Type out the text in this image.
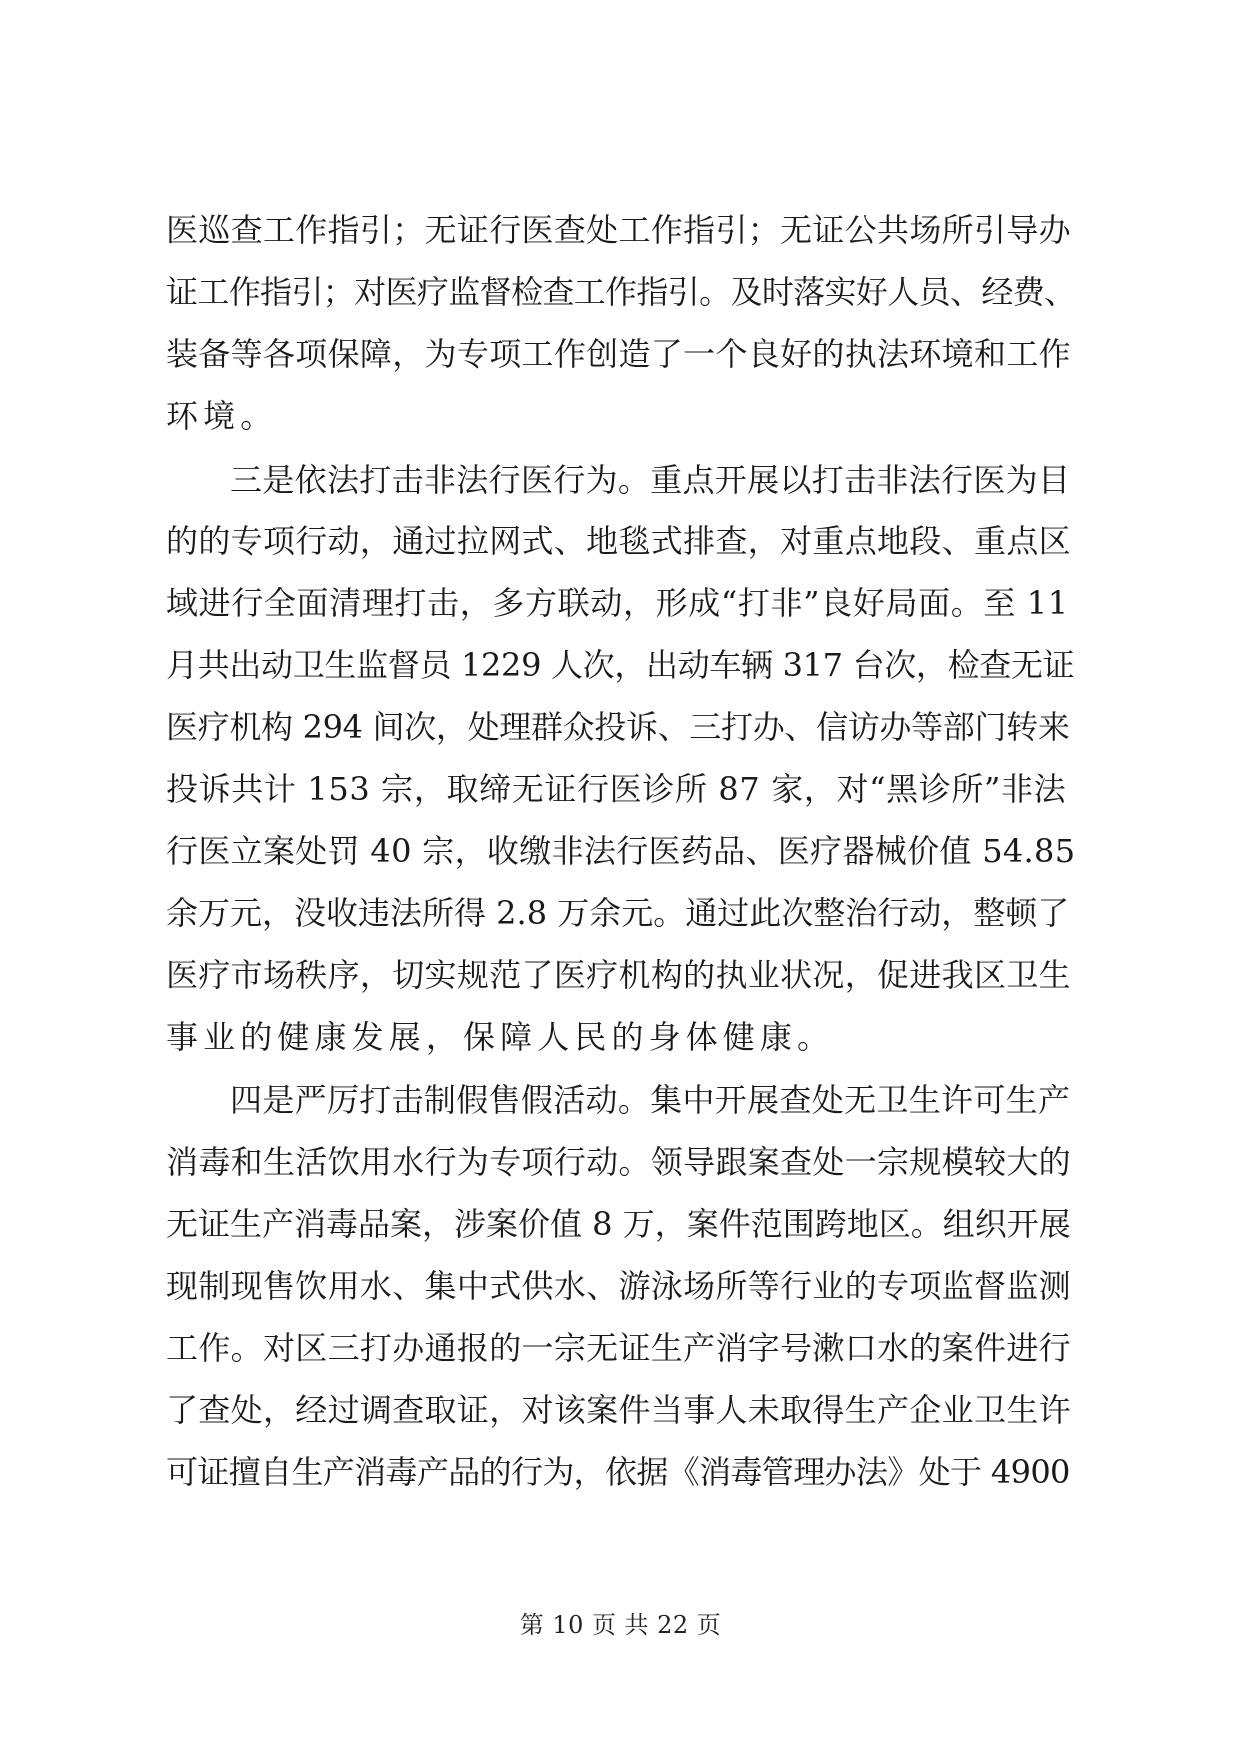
医巡查工作指引；无证行医查处工作指引；无证公共场所引导办
证工作指引；对医疗监督检查工作指引。及时落实好人员、经费、
装备等各项保障，为专项工作创造了一个良好的执法环境和工作
环境。
三是依法打击非法行医行为。重点开展以打击非法行医为目
的的专项行动，通过拉网式、地毯式排查，对重点地段、重点区
域进行全面清理打击，多方联动，形成“打非”良好局面。至 11
月共出动卫生监督员 1229 人次，出动车辆 317 台次，检查无证
医疗机构 294 间次，处理群众投诉、三打办、信访办等部门转来
投诉共计 153 宗，取缔无证行医诊所 87 家，对“黑诊所”非法
行医立案处罚 40 宗，收缴非法行医药品、医疗器械价值 54.85
余万元，没收违法所得 2.8 万余元。通过此次整治行动，整顿了
医疗市场秩序，切实规范了医疗机构的执业状况，促进我区卫生
事业的健康发展，保障人民的身体健康。
四是严厉打击制假售假活动。集中开展查处无卫生许可生产
消毒和生活饮用水行为专项行动。领导跟案查处一宗规模较大的
无证生产消毒品案，涉案价值 8 万，案件范围跨地区。组织开展
现制现售饮用水、集中式供水、游泳场所等行业的专项监督监测
工作。对区三打办通报的一宗无证生产消字号漱口水的案件进行
了查处，经过调查取证，对该案件当事人未取得生产企业卫生许
可证擅自生产消毒产品的行为，依据《消毒管理办法》处于 4900
第 10 页 共 22 页
